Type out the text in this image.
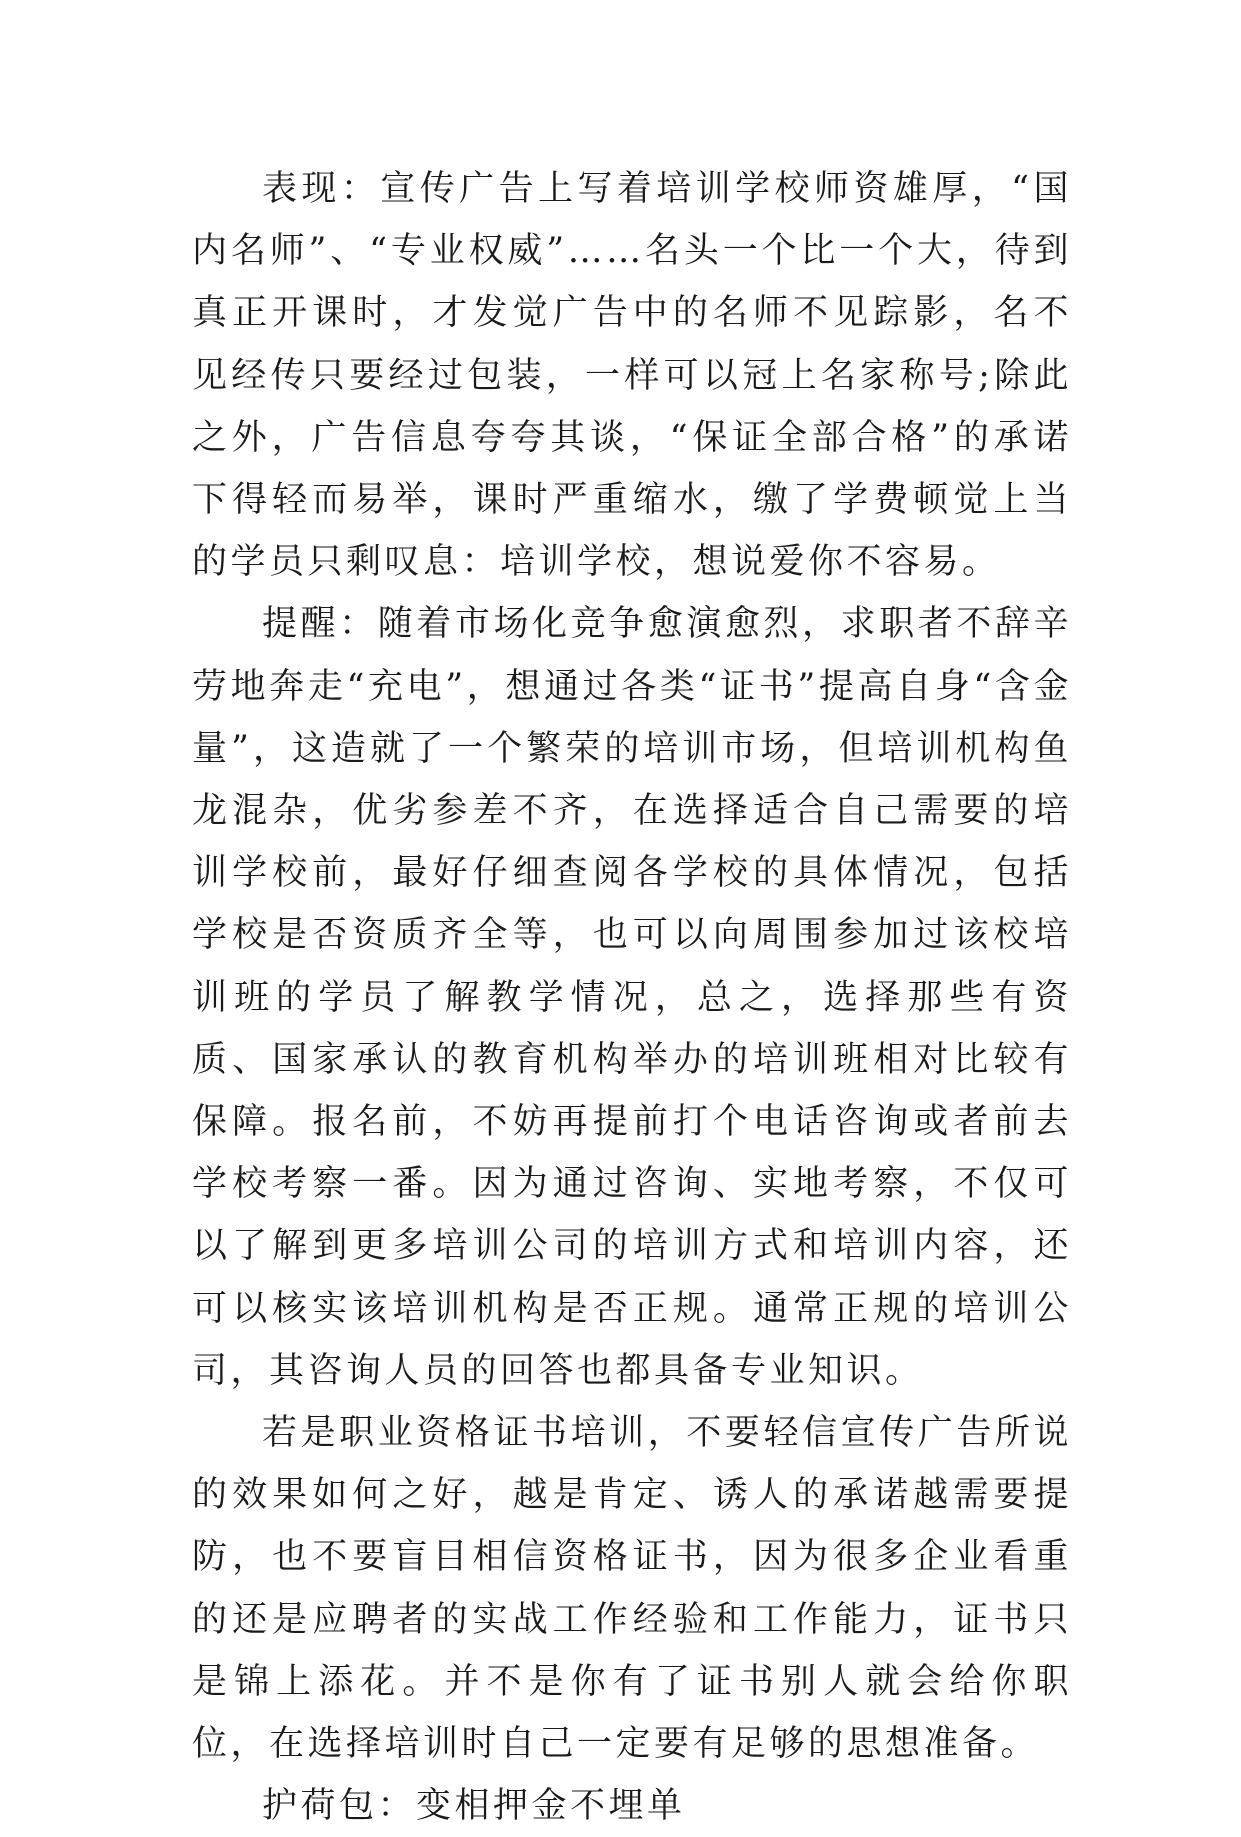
表现：宣传广告上写着培训学校师资雄厚，“国内名师”、“专业权威”……名头一个比一个大，待到真正开课时，才发觉广告中的名师不见踪影，名不见经传只要经过包装，一样可以冠上名家称号;除此之外，广告信息夸夸其谈，“保证全部合格”的承诺下得轻而易举，课时严重缩水，缴了学费顿觉上当的学员只剩叹息：培训学校，想说爱你不容易。

提醒：随着市场化竞争愈演愈烈，求职者不辞辛劳地奔走“充电”，想通过各类“证书”提高自身“含金量”，这造就了一个繁荣的培训市场，但培训机构鱼龙混杂，优劣参差不齐，在选择适合自己需要的培训学校前，最好仔细查阅各学校的具体情况，包括学校是否资质齐全等，也可以向周围参加过该校培训班的学员了解教学情况，总之，选择那些有资质、国家承认的教育机构举办的培训班相对比较有保障。报名前，不妨再提前打个电话咨询或者前去学校考察一番。因为通过咨询、实地考察，不仅可以了解到更多培训公司的培训方式和培训内容，还可以核实该培训机构是否正规。通常正规的培训公司，其咨询人员的回答也都具备专业知识。

若是职业资格证书培训，不要轻信宣传广告所说的效果如何之好，越是肯定、诱人的承诺越需要提防，也不要盲目相信资格证书，因为很多企业看重的还是应聘者的实战工作经验和工作能力，证书只是锦上添花。并不是你有了证书别人就会给你职位，在选择培训时自己一定要有足够的思想准备。

护荷包：变相押金不埋单
